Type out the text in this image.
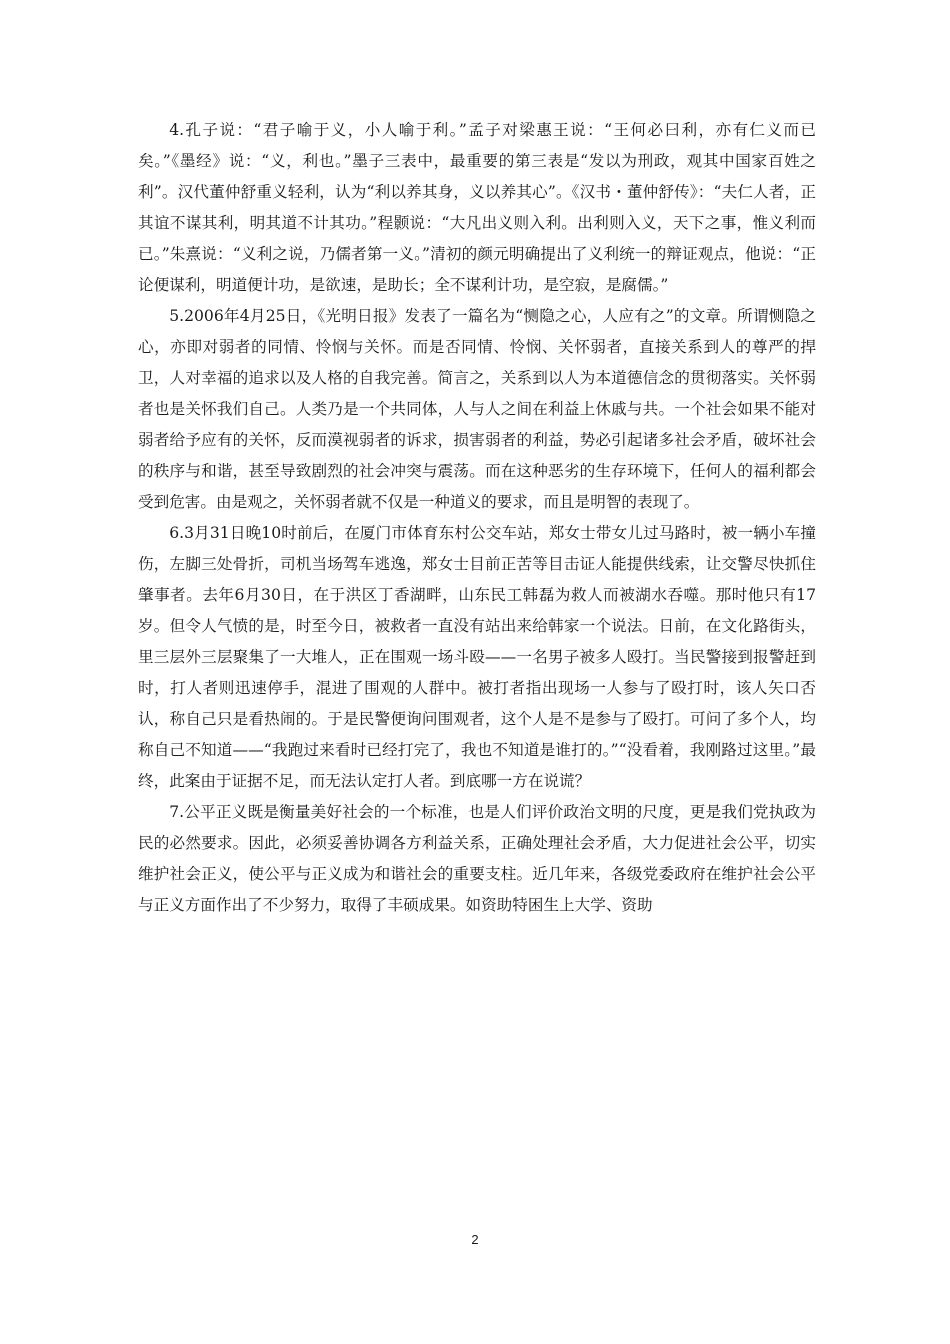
4.孔子说：“君子喻于义，小人喻于利。”孟子对梁惠王说：“王何必曰利，亦有仁义而已矣。”《墨经》说：“义，利也。”墨子三表中，最重要的第三表是“发以为刑政，观其中国家百姓之利”。汉代董仲舒重义轻利，认为“利以养其身，义以养其心”。《汉书・董仲舒传》：“夫仁人者，正其谊不谋其利，明其道不计其功。”程颢说：“大凡出义则入利。出利则入义，天下之事，惟义利而已。”朱熹说：“义利之说，乃儒者第一义。”清初的颜元明确提出了义利统一的辩证观点，他说：“正论便谋利，明道便计功，是欲速，是助长；全不谋利计功，是空寂，是腐儒。”

5.2006年4月25日，《光明日报》发表了一篇名为“恻隐之心，人应有之”的文章。所谓恻隐之心，亦即对弱者的同情、怜悯与关怀。而是否同情、怜悯、关怀弱者，直接关系到人的尊严的捍卫，人对幸福的追求以及人格的自我完善。简言之，关系到以人为本道德信念的贯彻落实。关怀弱者也是关怀我们自己。人类乃是一个共同体，人与人之间在利益上休戚与共。一个社会如果不能对弱者给予应有的关怀，反而漠视弱者的诉求，损害弱者的利益，势必引起诸多社会矛盾，破坏社会的秩序与和谐，甚至导致剧烈的社会冲突与震荡。而在这种恶劣的生存环境下，任何人的福利都会受到危害。由是观之，关怀弱者就不仅是一种道义的要求，而且是明智的表现了。

6.3月31日晚10时前后，在厦门市体育东村公交车站，郑女士带女儿过马路时，被一辆小车撞伤，左脚三处骨折，司机当场驾车逃逸，郑女士目前正苦等目击证人能提供线索，让交警尽快抓住肇事者。去年6月30日，在于洪区丁香湖畔，山东民工韩磊为救人而被湖水吞噬。那时他只有17岁。但令人气愤的是，时至今日，被救者一直没有站出来给韩家一个说法。日前，在文化路街头，里三层外三层聚集了一大堆人，正在围观一场斗殴——一名男子被多人殴打。当民警接到报警赶到时，打人者则迅速停手，混进了围观的人群中。被打者指出现场一人参与了殴打时，该人矢口否认，称自己只是看热闹的。于是民警便询问围观者，这个人是不是参与了殴打。可问了多个人，均称自己不知道——“我跑过来看时已经打完了，我也不知道是谁打的。”“没看着，我刚路过这里。”最终，此案由于证据不足，而无法认定打人者。到底哪一方在说谎？

7.公平正义既是衡量美好社会的一个标准，也是人们评价政治文明的尺度，更是我们党执政为民的必然要求。因此，必须妥善协调各方利益关系，正确处理社会矛盾，大力促进社会公平，切实维护社会正义，使公平与正义成为和谐社会的重要支柱。近几年来，各级党委政府在维护社会公平与正义方面作出了不少努力，取得了丰硕成果。如资助特困生上大学、资助

2
